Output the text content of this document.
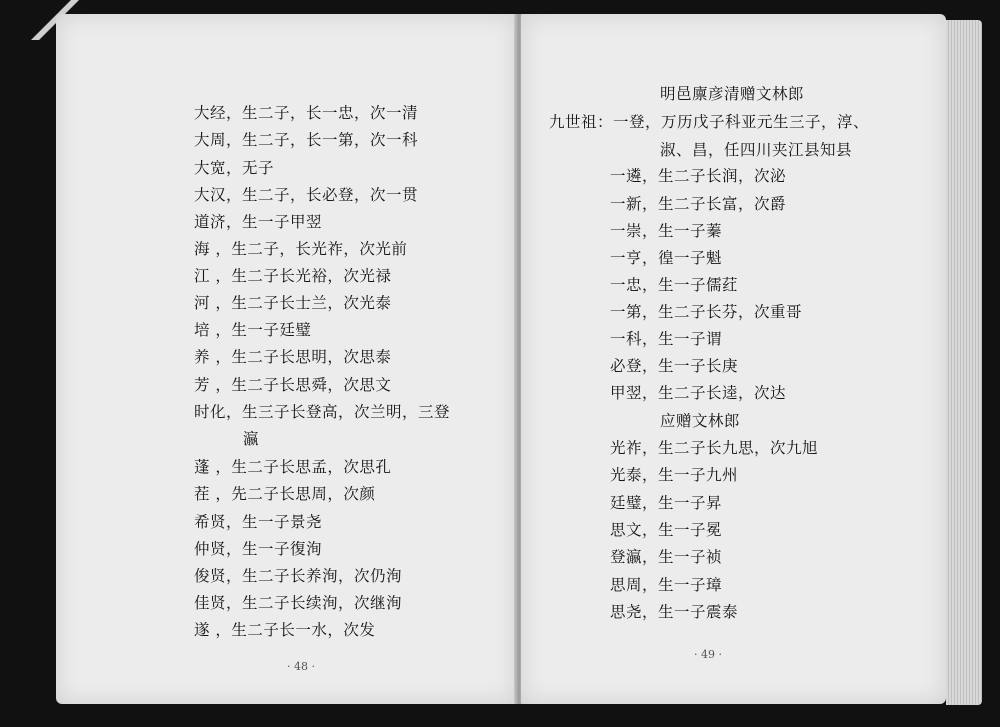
大经，生二子，长一忠，次一清
大周，生二子，长一第，次一科
大宽，无子
大汉，生二子，长必登，次一贯
道济，生一子甲翌
海 ，生二子，长光祚，次光前
江 ，生二子长光裕，次光禄
河 ，生二子长士兰，次光泰
培 ，生一子廷璧
养 ，生二子长思明，次思泰
芳 ，生二子长思舜，次思文
时化，生三子长登高，次兰明，三登
瀛
蓬 ，生二子长思孟，次思孔
茬 ，先二子长思周，次颜
希贤，生一子景尧
仲贤，生一子復洵
俊贤，生二子长养洵，次仍洵
佳贤，生二子长续洵，次继洵
遂 ，生二子长一水，次发
· 48 ·
明邑廪彦清赠文林郎
九世祖：一登，万历戊子科亚元生三子，淳、
淑、昌，任四川夹江县知县
一遴，生二子长润，次泌
一新，生二子长富，次爵
一崇，生一子蓁
一亨，徨一子魁
一忠，生一子儒荭
一第，生二子长芬，次重哥
一科，生一子谓
必登，生一子长庚
甲翌，生二子长逵，次达
应赠文林郎
光祚，生二子长九思，次九旭
光泰，生一子九州
廷璧，生一子昇
思文，生一子冕
登瀛，生一子祯
思周，生一子璋
思尧，生一子震泰
· 49 ·
